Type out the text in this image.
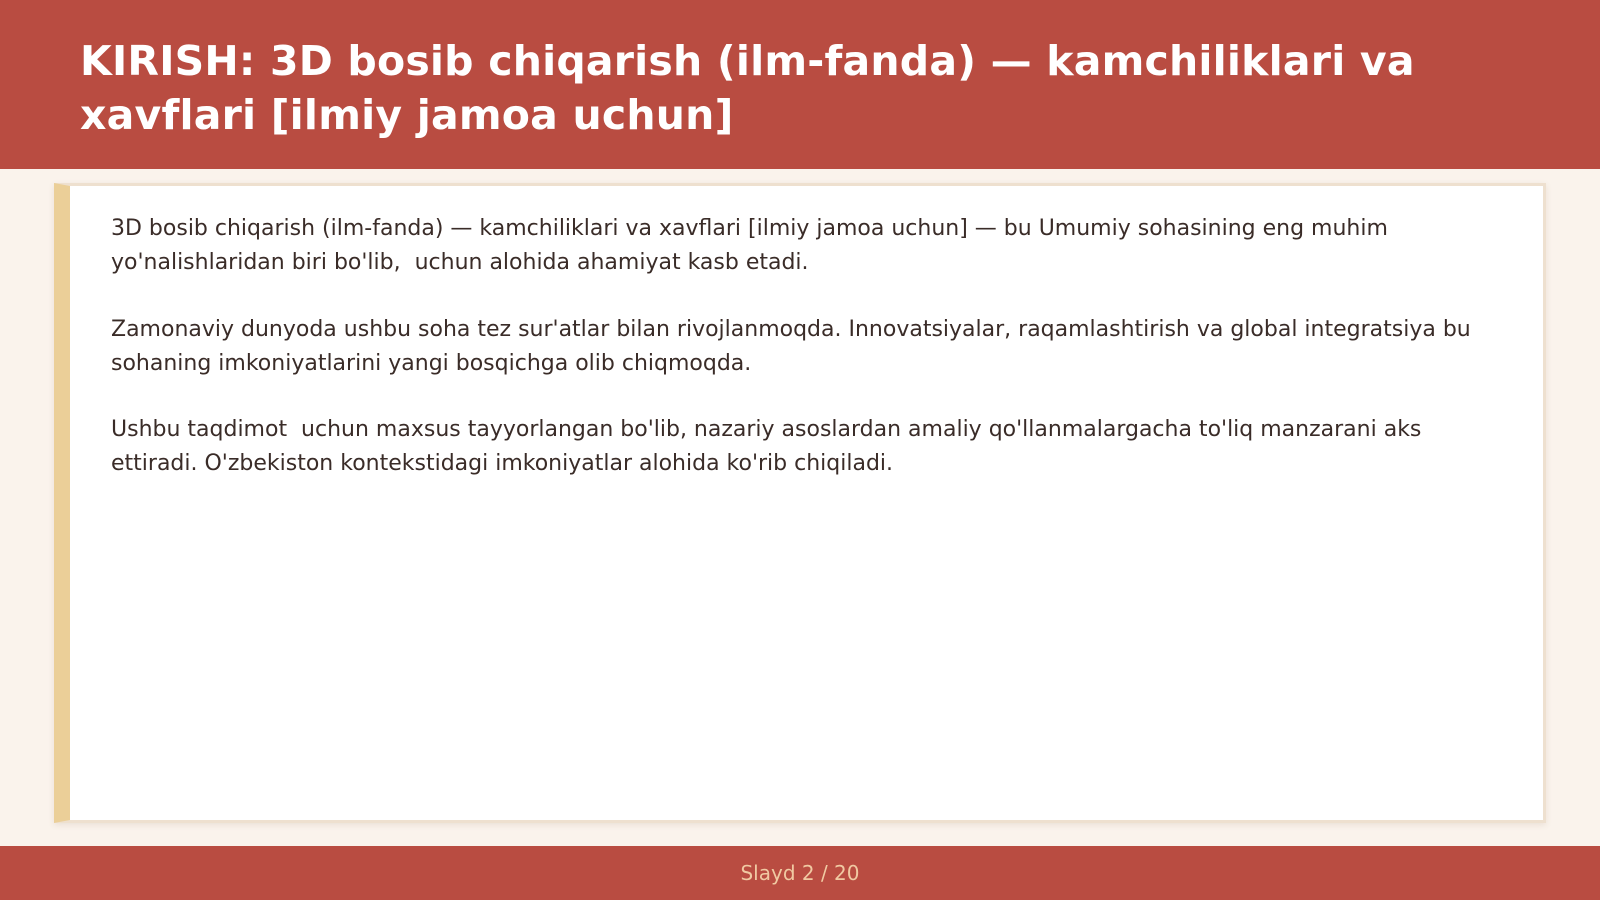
KIRISH: 3D bosib chiqarish (ilm-fanda) — kamchiliklari va xavflari [ilmiy jamoa uchun]

3D bosib chiqarish (ilm-fanda) — kamchiliklari va xavflari [ilmiy jamoa uchun] — bu Umumiy sohasining eng muhim yo'nalishlaridan biri bo'lib,  uchun alohida ahamiyat kasb etadi.

Zamonaviy dunyoda ushbu soha tez sur'atlar bilan rivojlanmoqda. Innovatsiyalar, raqamlashtirish va global integratsiya bu sohaning imkoniyatlarini yangi bosqichga olib chiqmoqda.

Ushbu taqdimot  uchun maxsus tayyorlangan bo'lib, nazariy asoslardan amaliy qo'llanmalargacha to'liq manzarani aks ettiradi. O'zbekiston kontekstidagi imkoniyatlar alohida ko'rib chiqiladi.

Slayd 2 / 20
